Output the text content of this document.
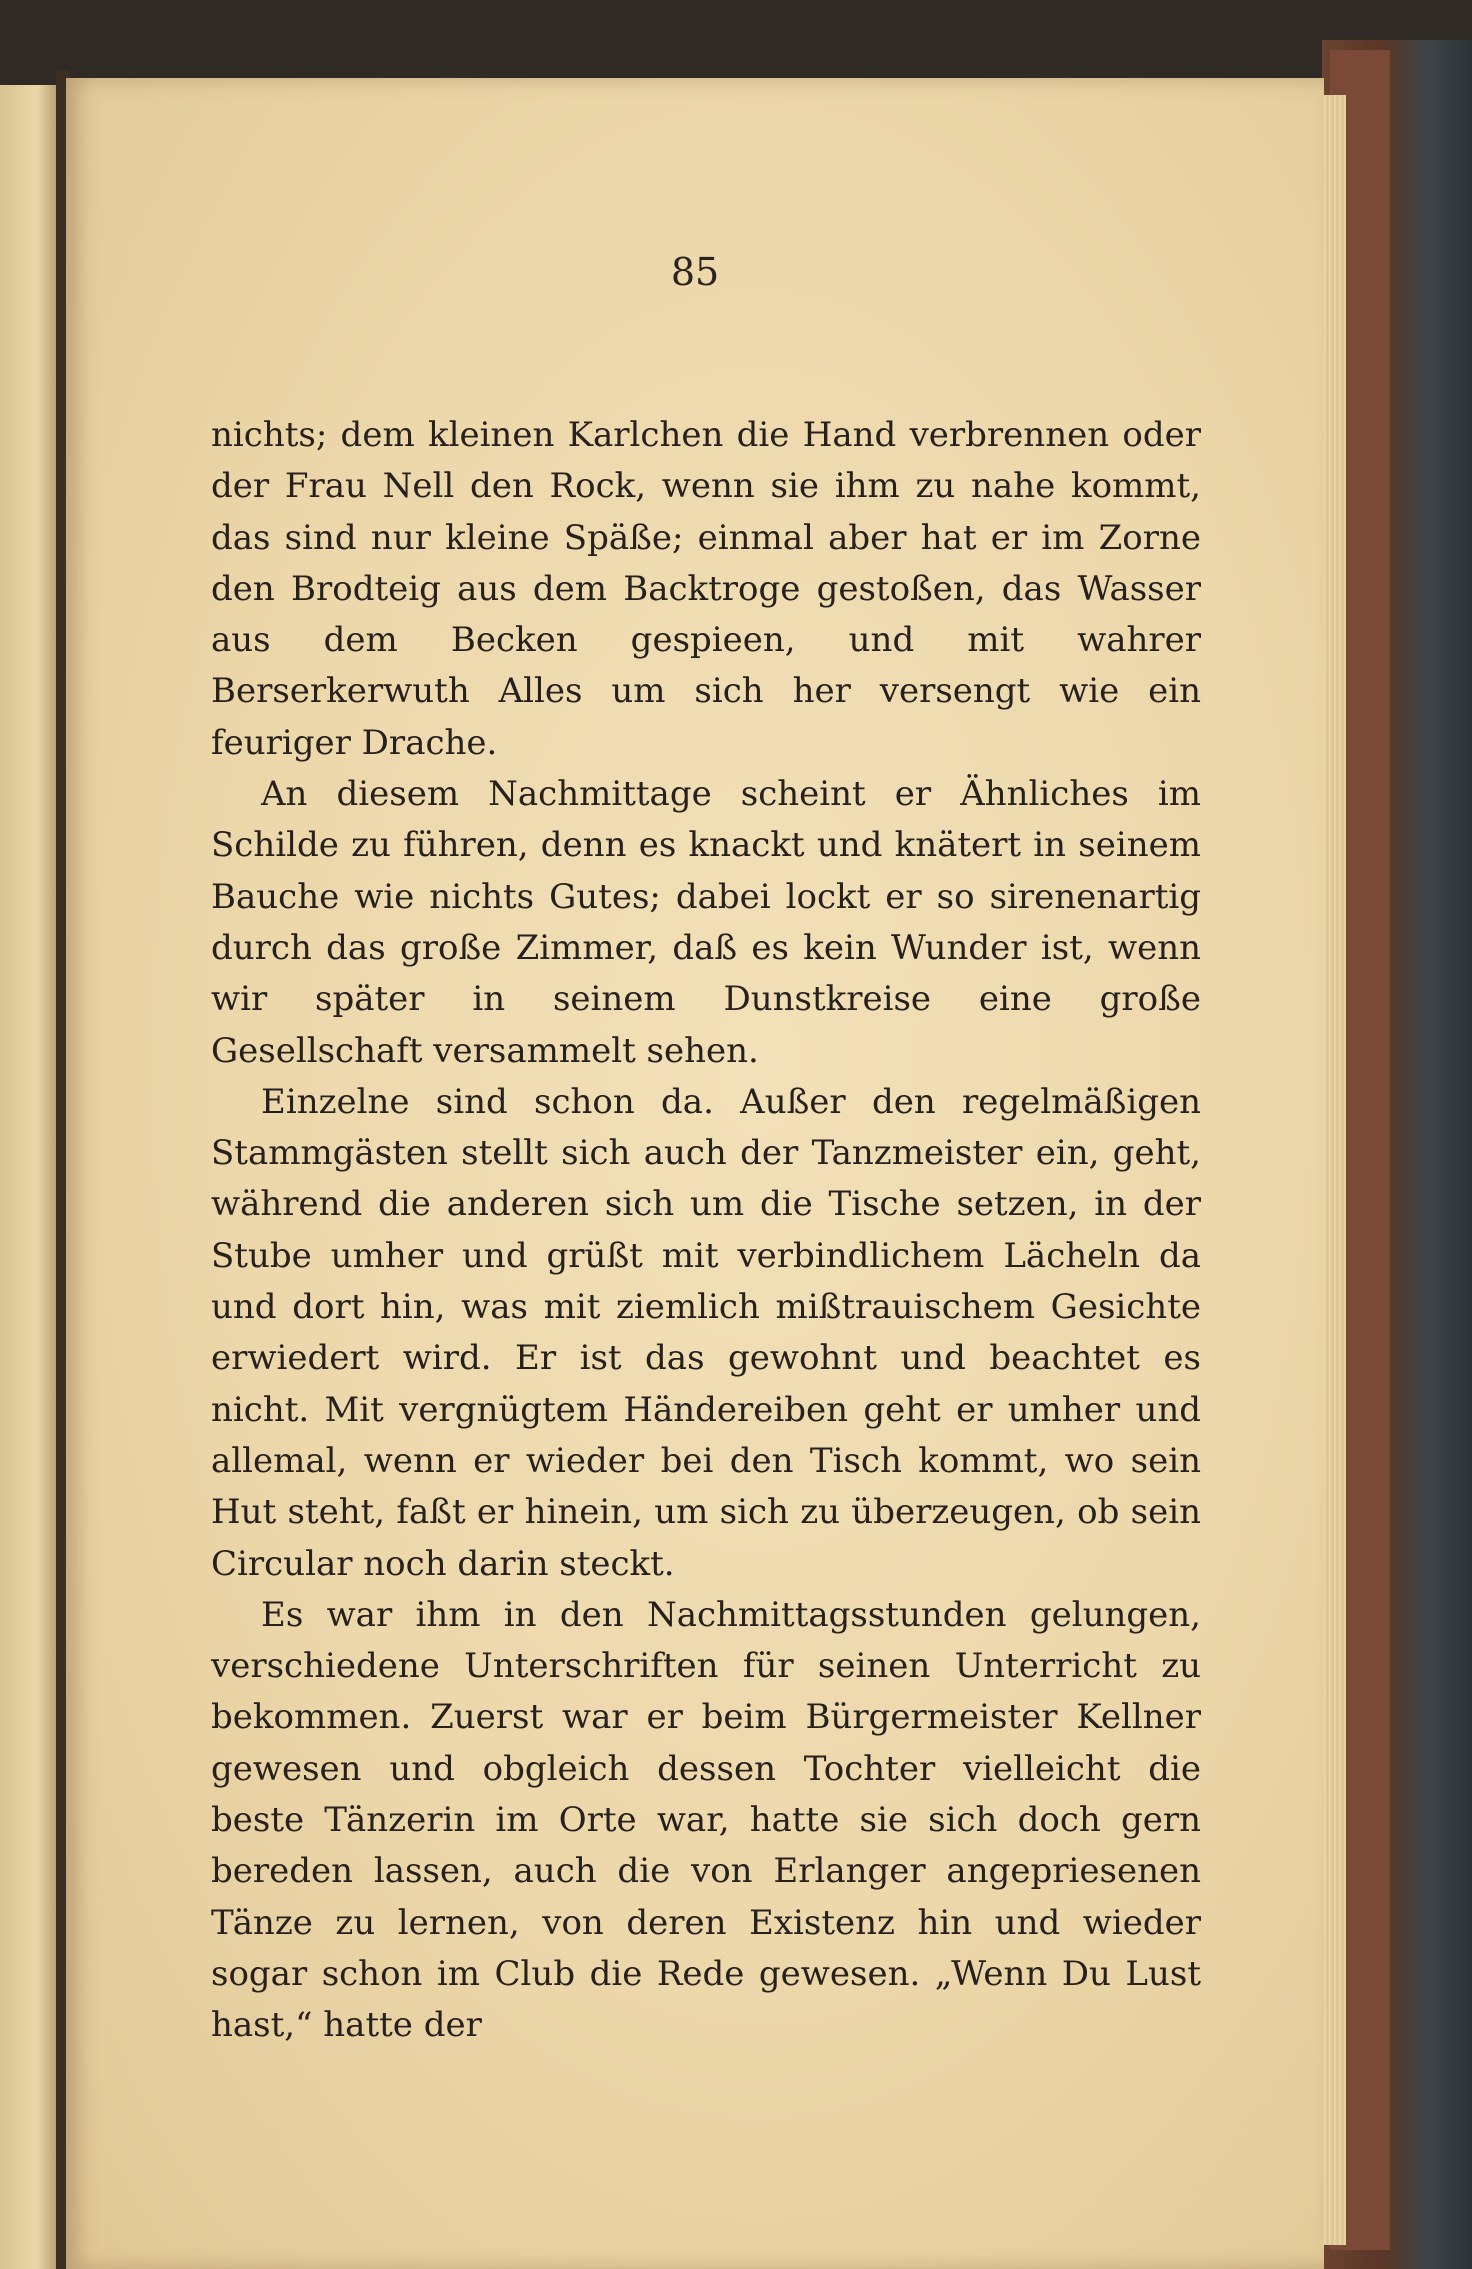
85

nichts; dem kleinen Karlchen die Hand verbrennen oder der Frau Nell den Rock, wenn sie ihm zu nahe kommt, das sind nur kleine Späße; einmal aber hat er im Zorne den Brodteig aus dem Backtroge gestoßen, das Wasser aus dem Becken gespieen, und mit wahrer Berserkerwuth Alles um sich her versengt wie ein feuriger Drache.

An diesem Nachmittage scheint er Ähnliches im Schilde zu führen, denn es knackt und knätert in seinem Bauche wie nichts Gutes; dabei lockt er so sirenenartig durch das große Zimmer, daß es kein Wunder ist, wenn wir später in seinem Dunstkreise eine große Gesellschaft versammelt sehen.

Einzelne sind schon da. Außer den regelmäßigen Stammgästen stellt sich auch der Tanzmeister ein, geht, während die anderen sich um die Tische setzen, in der Stube umher und grüßt mit verbindlichem Lächeln da und dort hin, was mit ziemlich mißtrauischem Gesichte erwiedert wird. Er ist das gewohnt und beachtet es nicht. Mit vergnügtem Händereiben geht er umher und allemal, wenn er wieder bei den Tisch kommt, wo sein Hut steht, faßt er hinein, um sich zu überzeugen, ob sein Circular noch darin steckt.

Es war ihm in den Nachmittagsstunden gelungen, verschiedene Unterschriften für seinen Unterricht zu bekommen. Zuerst war er beim Bürgermeister Kellner gewesen und obgleich dessen Tochter vielleicht die beste Tänzerin im Orte war, hatte sie sich doch gern bereden lassen, auch die von Erlanger angepriesenen Tänze zu lernen, von deren Existenz hin und wieder sogar schon im Club die Rede gewesen. „Wenn Du Lust hast,“ hatte der
